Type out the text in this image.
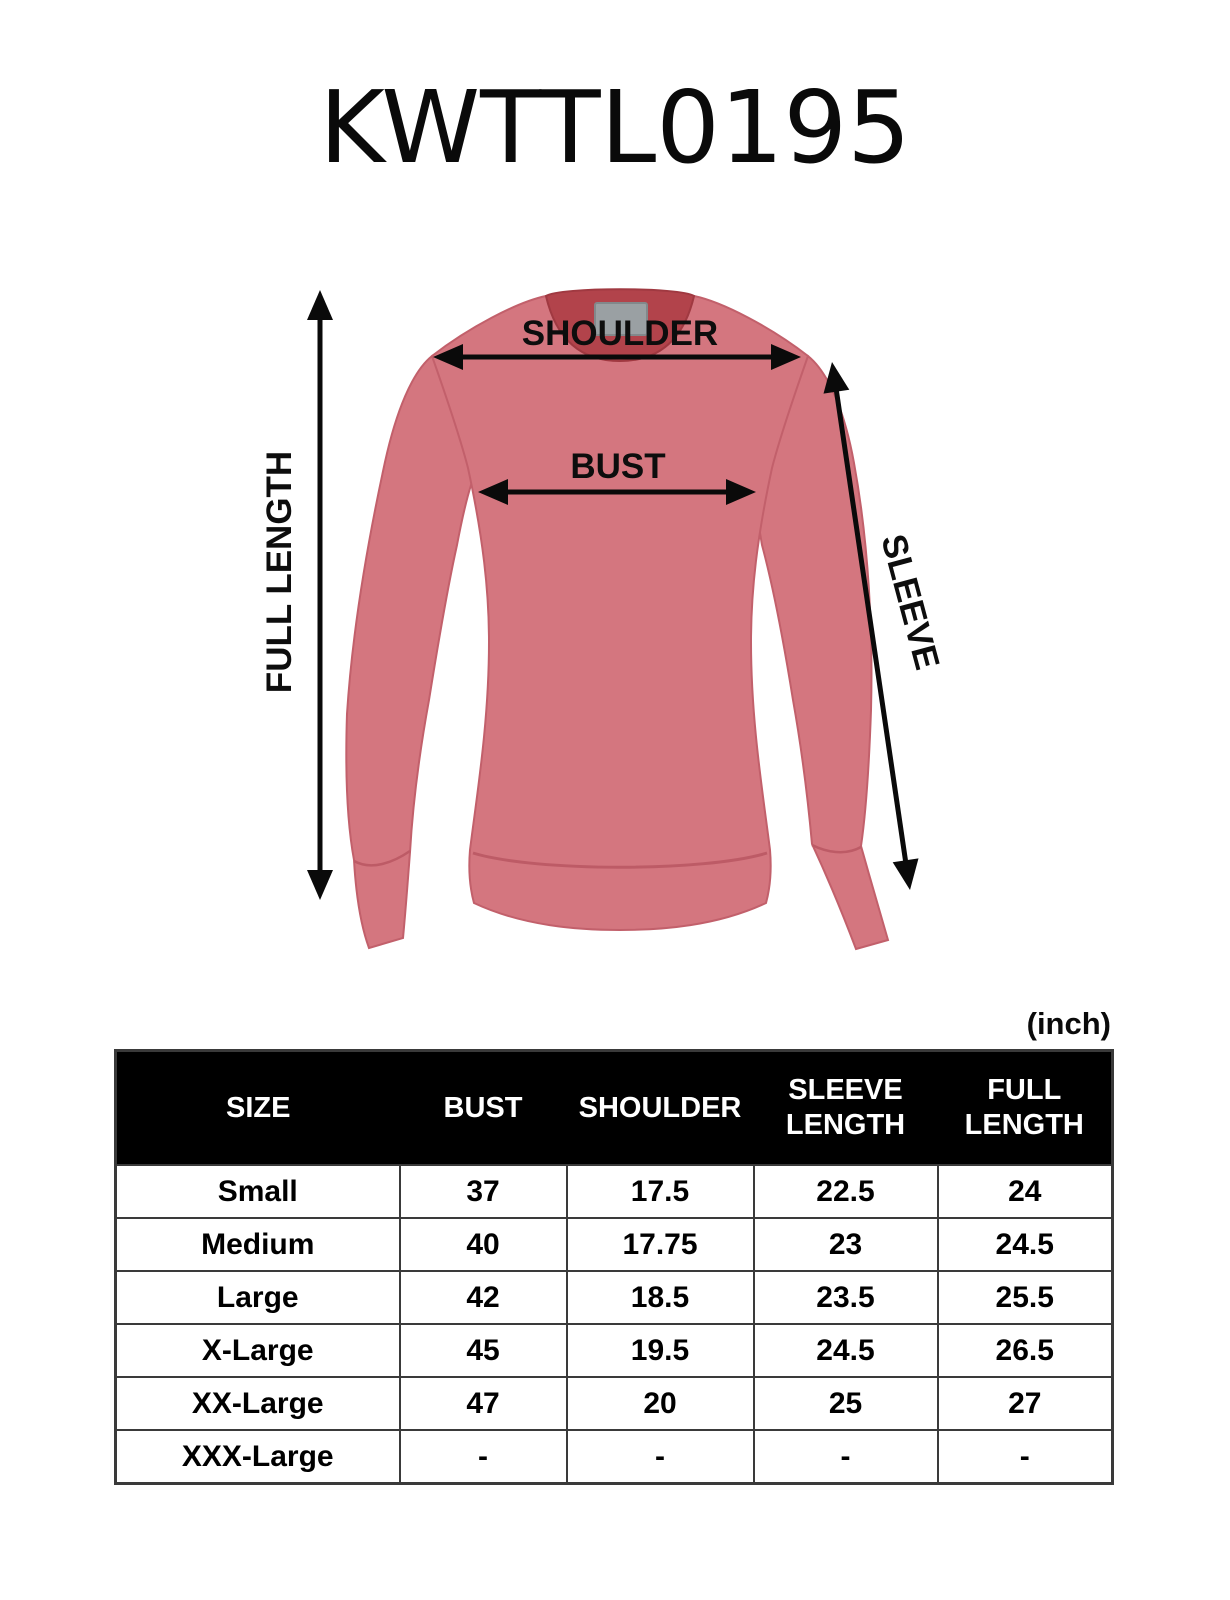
KWTTL0195
FULL LENGTH
SHOULDER
BUST
SLEEVE
(inch)
SIZE	BUST	SHOULDER	SLEEVE LENGTH	FULL LENGTH
Small	37	17.5	22.5	24
Medium	40	17.75	23	24.5
Large	42	18.5	23.5	25.5
X-Large	45	19.5	24.5	26.5
XX-Large	47	20	25	27
XXX-Large	-	-	-	-
